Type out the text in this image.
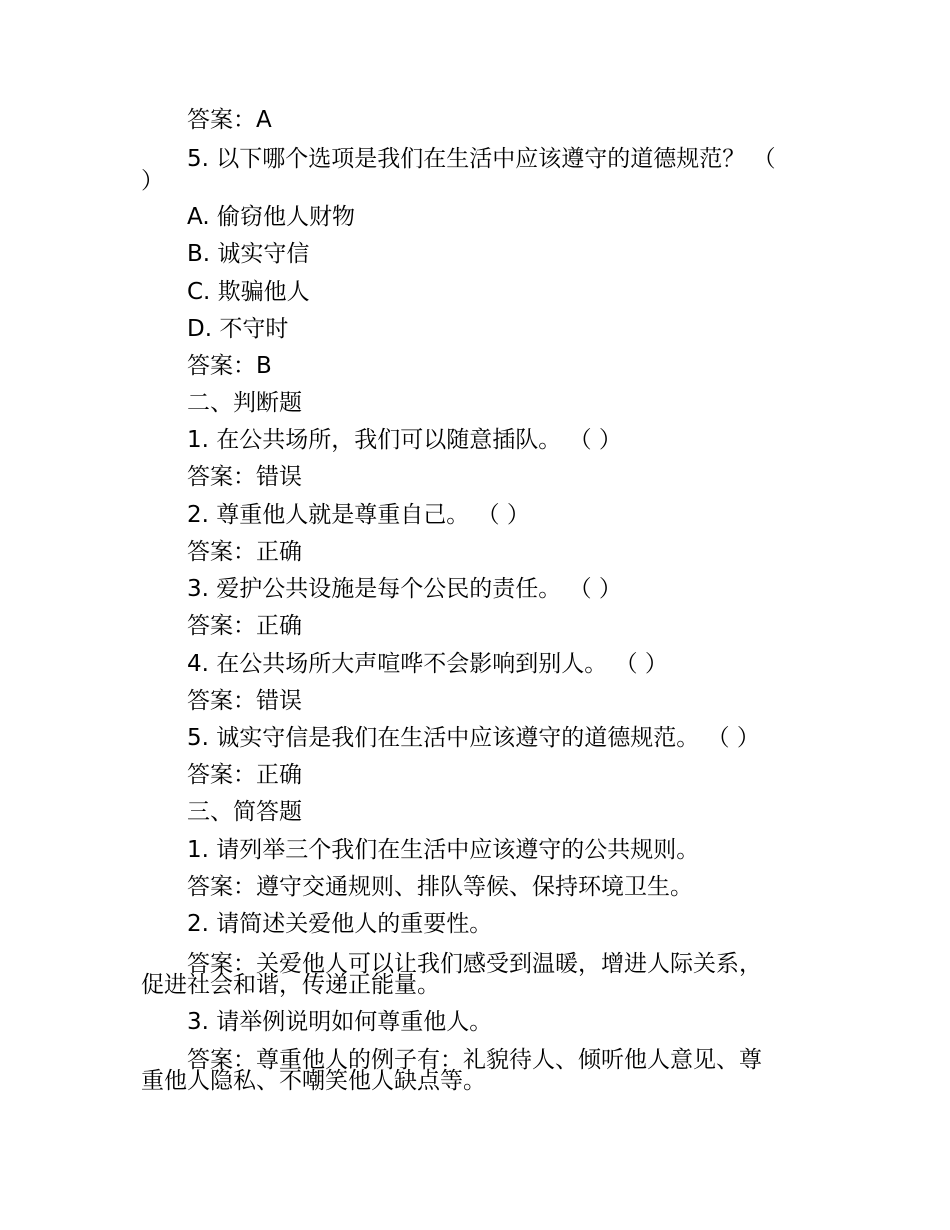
答案：A
5. 以下哪个选项是我们在生活中应该遵守的道德规范？ （
）
A. 偷窃他人财物
B. 诚实守信
C. 欺骗他人
D. 不守时
答案：B
二、判断题
1. 在公共场所，我们可以随意插队。 （ ）
答案：错误
2. 尊重他人就是尊重自己。 （ ）
答案：正确
3. 爱护公共设施是每个公民的责任。 （ ）
答案：正确
4. 在公共场所大声喧哗不会影响到别人。 （ ）
答案：错误
5. 诚实守信是我们在生活中应该遵守的道德规范。 （ ）
答案：正确
三、简答题
1. 请列举三个我们在生活中应该遵守的公共规则。
答案：遵守交通规则、排队等候、保持环境卫生。
2. 请简述关爱他人的重要性。
答案：关爱他人可以让我们感受到温暖，增进人际关系，
促进社会和谐，传递正能量。
3. 请举例说明如何尊重他人。
答案：尊重他人的例子有：礼貌待人、倾听他人意见、尊
重他人隐私、不嘲笑他人缺点等。
